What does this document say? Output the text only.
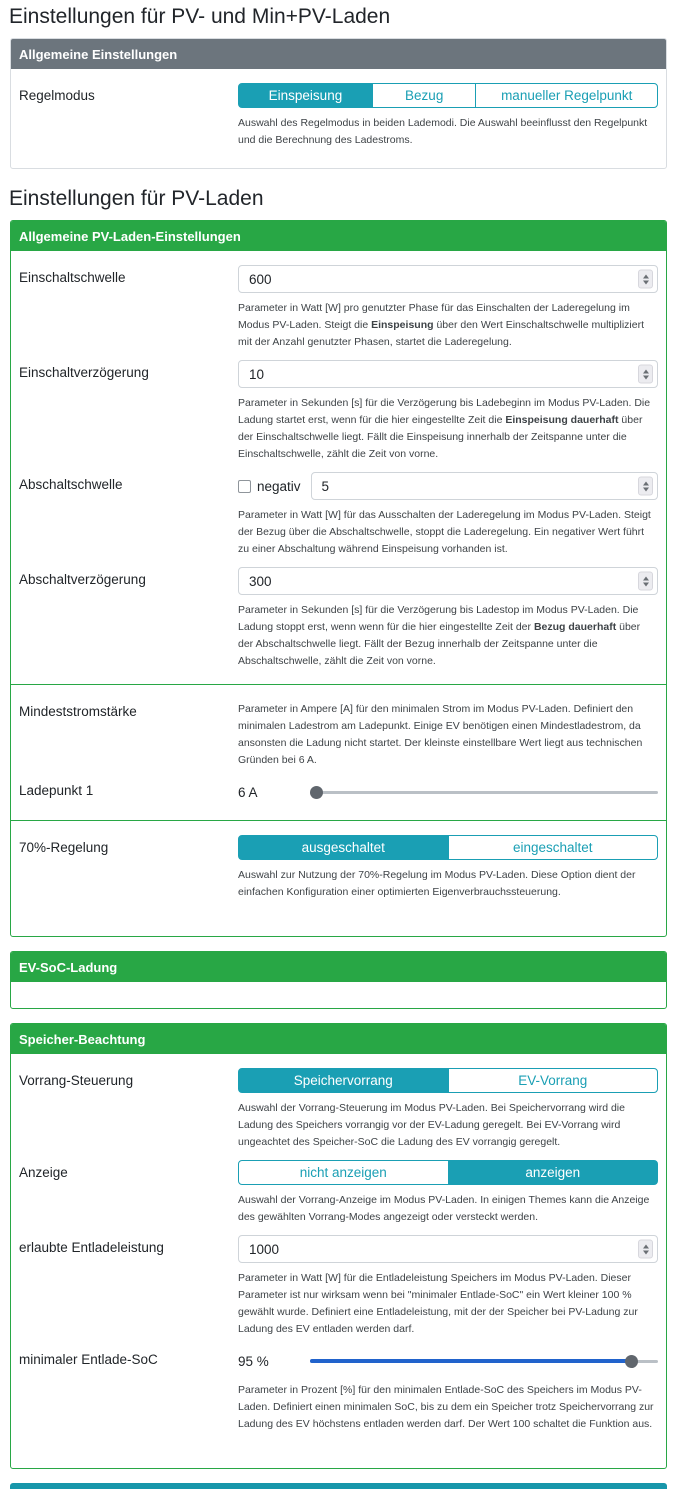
Einstellungen für PV- und Min+PV-Laden
Allgemeine Einstellungen
Regelmodus	Einspeisung	Bezug	manueller Regelpunkt
Auswahl des Regelmodus in beiden Lademodi. Die Auswahl beeinflusst den Regelpunkt und die Berechnung des Ladestroms.
Einstellungen für PV-Laden
Allgemeine PV-Laden-Einstellungen
Einschaltschwelle
600
Parameter in Watt [W] pro genutzter Phase für das Einschalten der Laderegelung im Modus PV-Laden. Steigt die Einspeisung über den Wert Einschaltschwelle multipliziert mit der Anzahl genutzter Phasen, startet die Laderegelung.
Einschaltverzögerung
10
Parameter in Sekunden [s] für die Verzögerung bis Ladebeginn im Modus PV-Laden. Die Ladung startet erst, wenn für die hier eingestellte Zeit die Einspeisung dauerhaft über der Einschaltschwelle liegt. Fällt die Einspeisung innerhalb der Zeitspanne unter die Einschaltschwelle, zählt die Zeit von vorne.
Abschaltschwelle	negativ
5
Parameter in Watt [W] für das Ausschalten der Laderegelung im Modus PV-Laden. Steigt der Bezug über die Abschaltschwelle, stoppt die Laderegelung. Ein negativer Wert führt zu einer Abschaltung während Einspeisung vorhanden ist.
Abschaltverzögerung
300
Parameter in Sekunden [s] für die Verzögerung bis Ladestop im Modus PV-Laden. Die Ladung stoppt erst, wenn wenn für die hier eingestellte Zeit der Bezug dauerhaft über der Abschaltschwelle liegt. Fällt der Bezug innerhalb der Zeitspanne unter die Abschaltschwelle, zählt die Zeit von vorne.
Mindeststromstärke	Parameter in Ampere [A] für den minimalen Strom im Modus PV-Laden. Definiert den minimalen Ladestrom am Ladepunkt. Einige EV benötigen einen Mindestladestrom, da ansonsten die Ladung nicht startet. Der kleinste einstellbare Wert liegt aus technischen Gründen bei 6 A.
Ladepunkt 1	6 A
70%-Regelung	ausgeschaltet	eingeschaltet
Auswahl zur Nutzung der 70%-Regelung im Modus PV-Laden. Diese Option dient der einfachen Konfiguration einer optimierten Eigenverbrauchssteuerung.
EV-SoC-Ladung
Speicher-Beachtung
Vorrang-Steuerung	Speichervorrang	EV-Vorrang
Auswahl der Vorrang-Steuerung im Modus PV-Laden. Bei Speichervorrang wird die Ladung des Speichers vorrangig vor der EV-Ladung geregelt. Bei EV-Vorrang wird ungeachtet des Speicher-SoC die Ladung des EV vorrangig geregelt.
Anzeige	nicht anzeigen	anzeigen
Auswahl der Vorrang-Anzeige im Modus PV-Laden. In einigen Themes kann die Anzeige des gewählten Vorrang-Modes angezeigt oder versteckt werden.
erlaubte Entladeleistung
1000
Parameter in Watt [W] für die Entladeleistung Speichers im Modus PV-Laden. Dieser Parameter ist nur wirksam wenn bei "minimaler Entlade-SoC" ein Wert kleiner 100 % gewählt wurde. Definiert eine Entladeleistung, mit der der Speicher bei PV-Ladung zur Ladung des EV entladen werden darf.
minimaler Entlade-SoC	95 %
Parameter in Prozent [%] für den minimalen Entlade-SoC des Speichers im Modus PV-Laden. Definiert einen minimalen SoC, bis zu dem ein Speicher trotz Speichervorrang zur Ladung des EV höchstens entladen werden darf. Der Wert 100 schaltet die Funktion aus.
